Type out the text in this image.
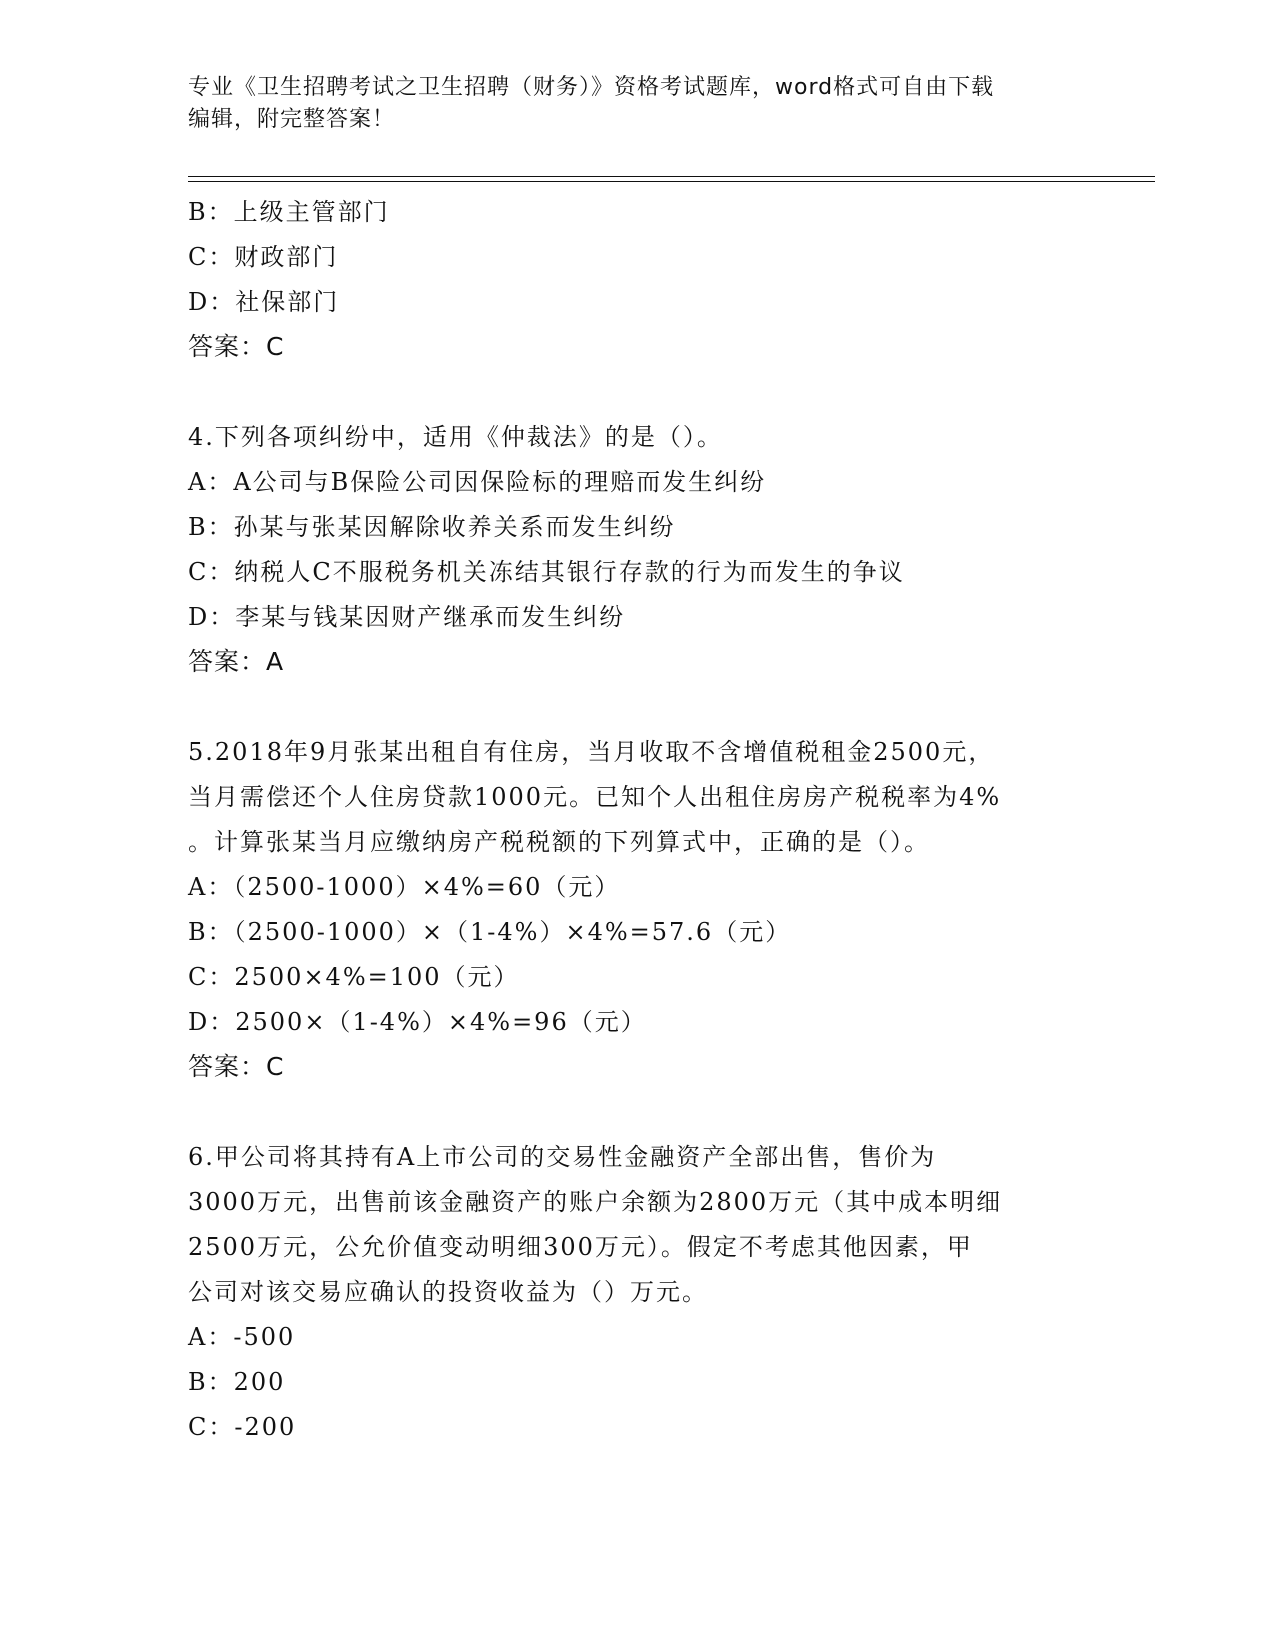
专业《卫生招聘考试之卫生招聘（财务）》资格考试题库，word格式可自由下载
编辑，附完整答案！
B：上级主管部门
C：财政部门
D：社保部门
答案：C
4.下列各项纠纷中，适用《仲裁法》的是（）。
A：A公司与B保险公司因保险标的理赔而发生纠纷
B：孙某与张某因解除收养关系而发生纠纷
C：纳税人C不服税务机关冻结其银行存款的行为而发生的争议
D：李某与钱某因财产继承而发生纠纷
答案：A
5.2018年9月张某出租自有住房，当月收取不含增值税租金2500元，
当月需偿还个人住房贷款1000元。已知个人出租住房房产税税率为4%
。计算张某当月应缴纳房产税税额的下列算式中，正确的是（）。
A：（2500-1000）×4%=60（元）
B：（2500-1000）×（1-4%）×4%=57.6（元）
C：2500×4%=100（元）
D：2500×（1-4%）×4%=96（元）
答案：C
6.甲公司将其持有A上市公司的交易性金融资产全部出售，售价为
3000万元，出售前该金融资产的账户余额为2800万元（其中成本明细
2500万元，公允价值变动明细300万元）。假定不考虑其他因素，甲
公司对该交易应确认的投资收益为（）万元。
A：-500
B：200
C：-200
